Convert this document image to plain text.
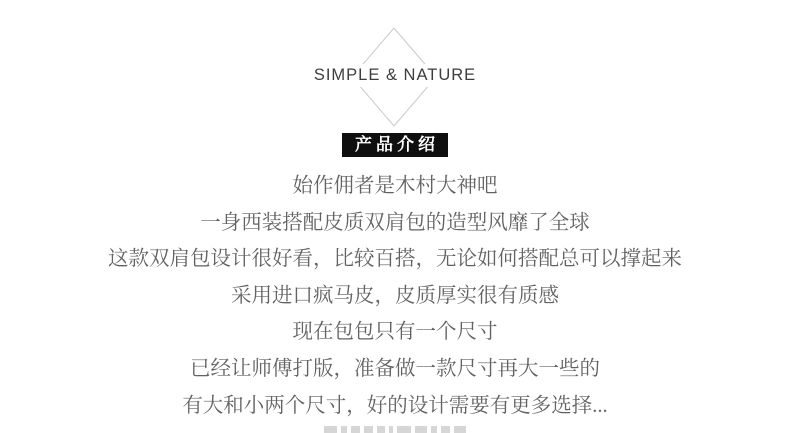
SIMPLE & NATURE
产品介绍
始作佣者是木村大神吧
一身西装搭配皮质双肩包的造型风靡了全球
这款双肩包设计很好看，比较百搭，无论如何搭配总可以撑起来
采用进口疯马皮，皮质厚实很有质感
现在包包只有一个尺寸
已经让师傅打版，准备做一款尺寸再大一些的
有大和小两个尺寸，好的设计需要有更多选择...
